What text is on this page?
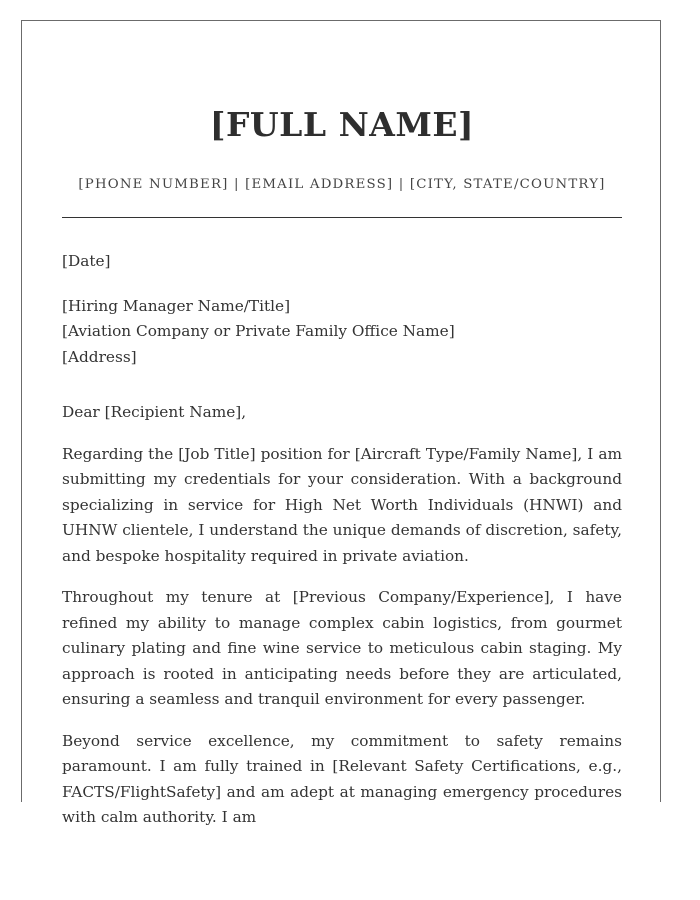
[FULL NAME]
[PHONE NUMBER] | [EMAIL ADDRESS] | [CITY, STATE/COUNTRY]
[Date]
[Hiring Manager Name/Title]
[Aviation Company or Private Family Office Name]
[Address]
Dear [Recipient Name],

Regarding the [Job Title] position for [Aircraft Type/Family Name], I am submitting my credentials for your consideration. With a background specializing in service for High Net Worth Individuals (HNWI) and UHNW clientele, I understand the unique demands of discretion, safety, and bespoke hospitality required in private aviation.

Throughout my tenure at [Previous Company/Experience], I have refined my ability to manage complex cabin logistics, from gourmet culinary plating and fine wine service to meticulous cabin staging. My approach is rooted in anticipating needs before they are articulated, ensuring a seamless and tranquil environment for every passenger.

Beyond service excellence, my commitment to safety remains paramount. I am fully trained in [Relevant Safety Certifications, e.g., FACTS/FlightSafety] and am adept at managing emergency procedures with calm authority. I am
